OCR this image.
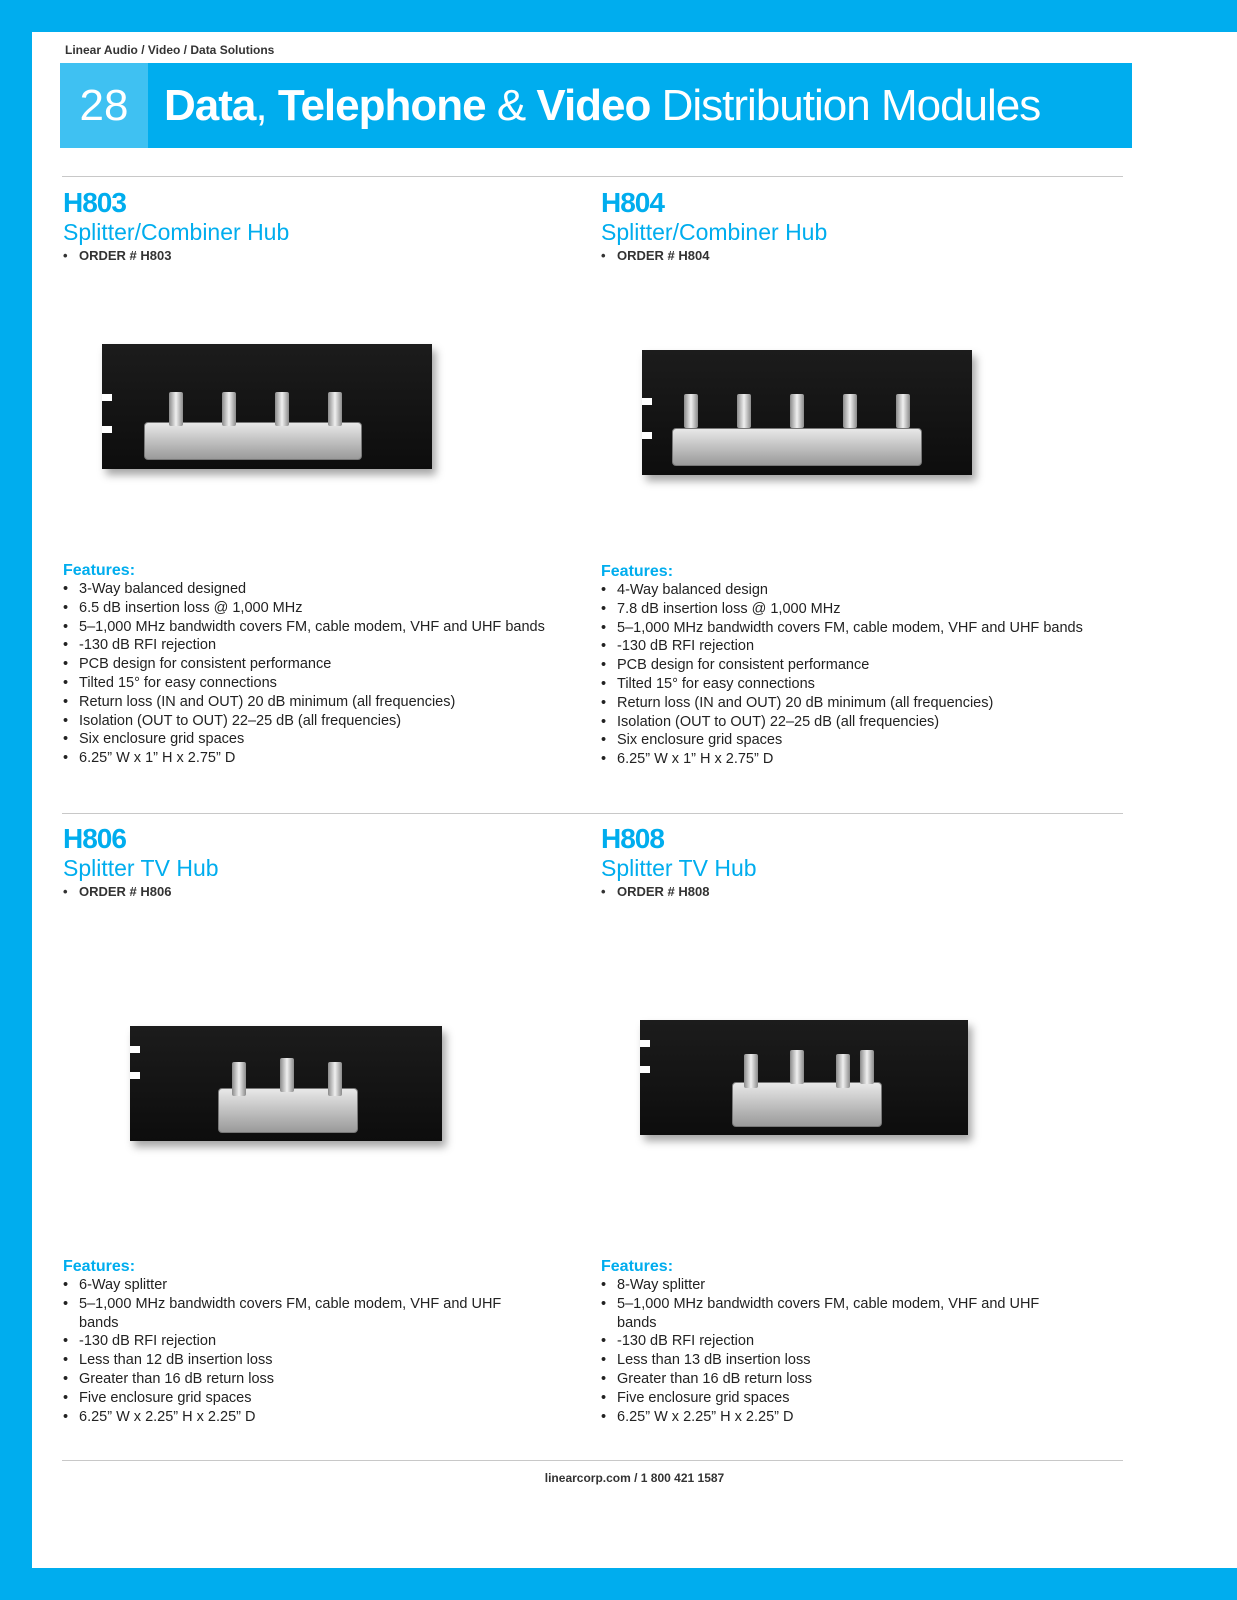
Linear Audio / Video / Data Solutions
28 Data, Telephone & Video Distribution Modules
H803
Splitter/Combiner Hub
• ORDER # H803
Features:
• 3-Way balanced designed
• 6.5 dB insertion loss @ 1,000 MHz
• 5–1,000 MHz bandwidth covers FM, cable modem, VHF and UHF bands
• -130 dB RFI rejection
• PCB design for consistent performance
• Tilted 15° for easy connections
• Return loss (IN and OUT) 20 dB minimum (all frequencies)
• Isolation (OUT to OUT) 22–25 dB (all frequencies)
• Six enclosure grid spaces
• 6.25” W x 1” H x 2.75” D
H804
Splitter/Combiner Hub
• ORDER # H804
Features:
• 4-Way balanced design
• 7.8 dB insertion loss @ 1,000 MHz
• 5–1,000 MHz bandwidth covers FM, cable modem, VHF and UHF bands
• -130 dB RFI rejection
• PCB design for consistent performance
• Tilted 15° for easy connections
• Return loss (IN and OUT) 20 dB minimum (all frequencies)
• Isolation (OUT to OUT) 22–25 dB (all frequencies)
• Six enclosure grid spaces
• 6.25” W x 1” H x 2.75” D
H806
Splitter TV Hub
• ORDER # H806
Features:
• 6-Way splitter
• 5–1,000 MHz bandwidth covers FM, cable modem, VHF and UHF bands
• -130 dB RFI rejection
• Less than 12 dB insertion loss
• Greater than 16 dB return loss
• Five enclosure grid spaces
• 6.25” W x 2.25” H x 2.25” D
H808
Splitter TV Hub
• ORDER # H808
Features:
• 8-Way splitter
• 5–1,000 MHz bandwidth covers FM, cable modem, VHF and UHF bands
• -130 dB RFI rejection
• Less than 13 dB insertion loss
• Greater than 16 dB return loss
• Five enclosure grid spaces
• 6.25” W x 2.25” H x 2.25” D
linearcorp.com / 1 800 421 1587
